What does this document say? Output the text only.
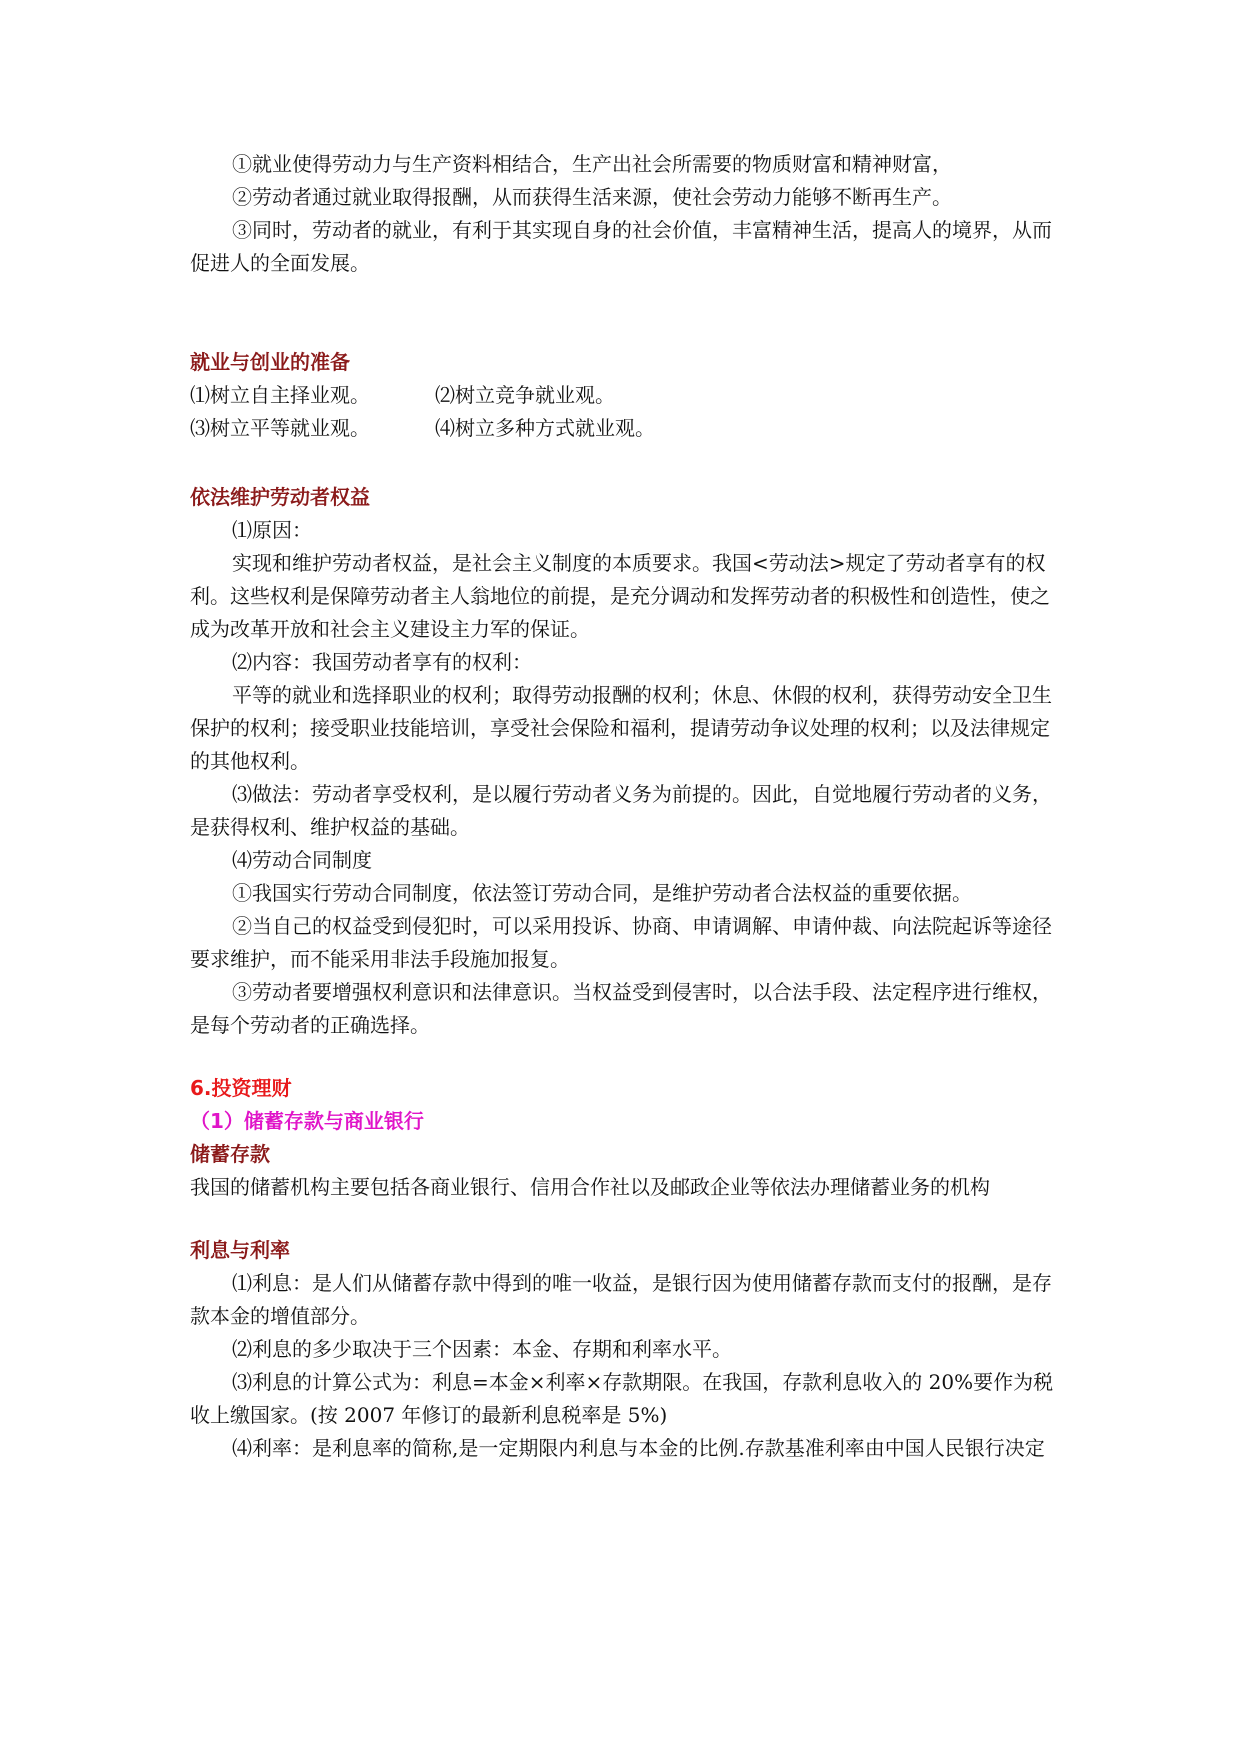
①就业使得劳动力与生产资料相结合，生产出社会所需要的物质财富和精神财富，

②劳动者通过就业取得报酬，从而获得生活来源，使社会劳动力能够不断再生产。

③同时，劳动者的就业，有利于其实现自身的社会价值，丰富精神生活，提高人的境界，从而促进人的全面发展。

就业与创业的准备

⑴树立自主择业观。	⑵树立竞争就业观。
⑶树立平等就业观。	⑷树立多种方式就业观。

依法维护劳动者权益

⑴原因：

实现和维护劳动者权益，是社会主义制度的本质要求。我国<劳动法>规定了劳动者享有的权利。这些权利是保障劳动者主人翁地位的前提，是充分调动和发挥劳动者的积极性和创造性，使之成为改革开放和社会主义建设主力军的保证。

⑵内容：我国劳动者享有的权利：

平等的就业和选择职业的权利；取得劳动报酬的权利；休息、休假的权利，获得劳动安全卫生保护的权利；接受职业技能培训，享受社会保险和福利，提请劳动争议处理的权利；以及法律规定的其他权利。

⑶做法：劳动者享受权利，是以履行劳动者义务为前提的。因此，自觉地履行劳动者的义务，是获得权利、维护权益的基础。

⑷劳动合同制度

①我国实行劳动合同制度，依法签订劳动合同，是维护劳动者合法权益的重要依据。

②当自己的权益受到侵犯时，可以采用投诉、协商、申请调解、申请仲裁、向法院起诉等途径要求维护，而不能采用非法手段施加报复。

③劳动者要增强权利意识和法律意识。当权益受到侵害时，以合法手段、法定程序进行维权，是每个劳动者的正确选择。

6.投资理财

（1）储蓄存款与商业银行

储蓄存款

我国的储蓄机构主要包括各商业银行、信用合作社以及邮政企业等依法办理储蓄业务的机构

利息与利率

⑴利息：是人们从储蓄存款中得到的唯一收益，是银行因为使用储蓄存款而支付的报酬，是存款本金的增值部分。

⑵利息的多少取决于三个因素：本金、存期和利率水平。

⑶利息的计算公式为：利息=本金×利率×存款期限。在我国，存款利息收入的 20%要作为税收上缴国家。(按 2007 年修订的最新利息税率是 5%)

⑷利率：是利息率的简称,是一定期限内利息与本金的比例.存款基准利率由中国人民银行决定
